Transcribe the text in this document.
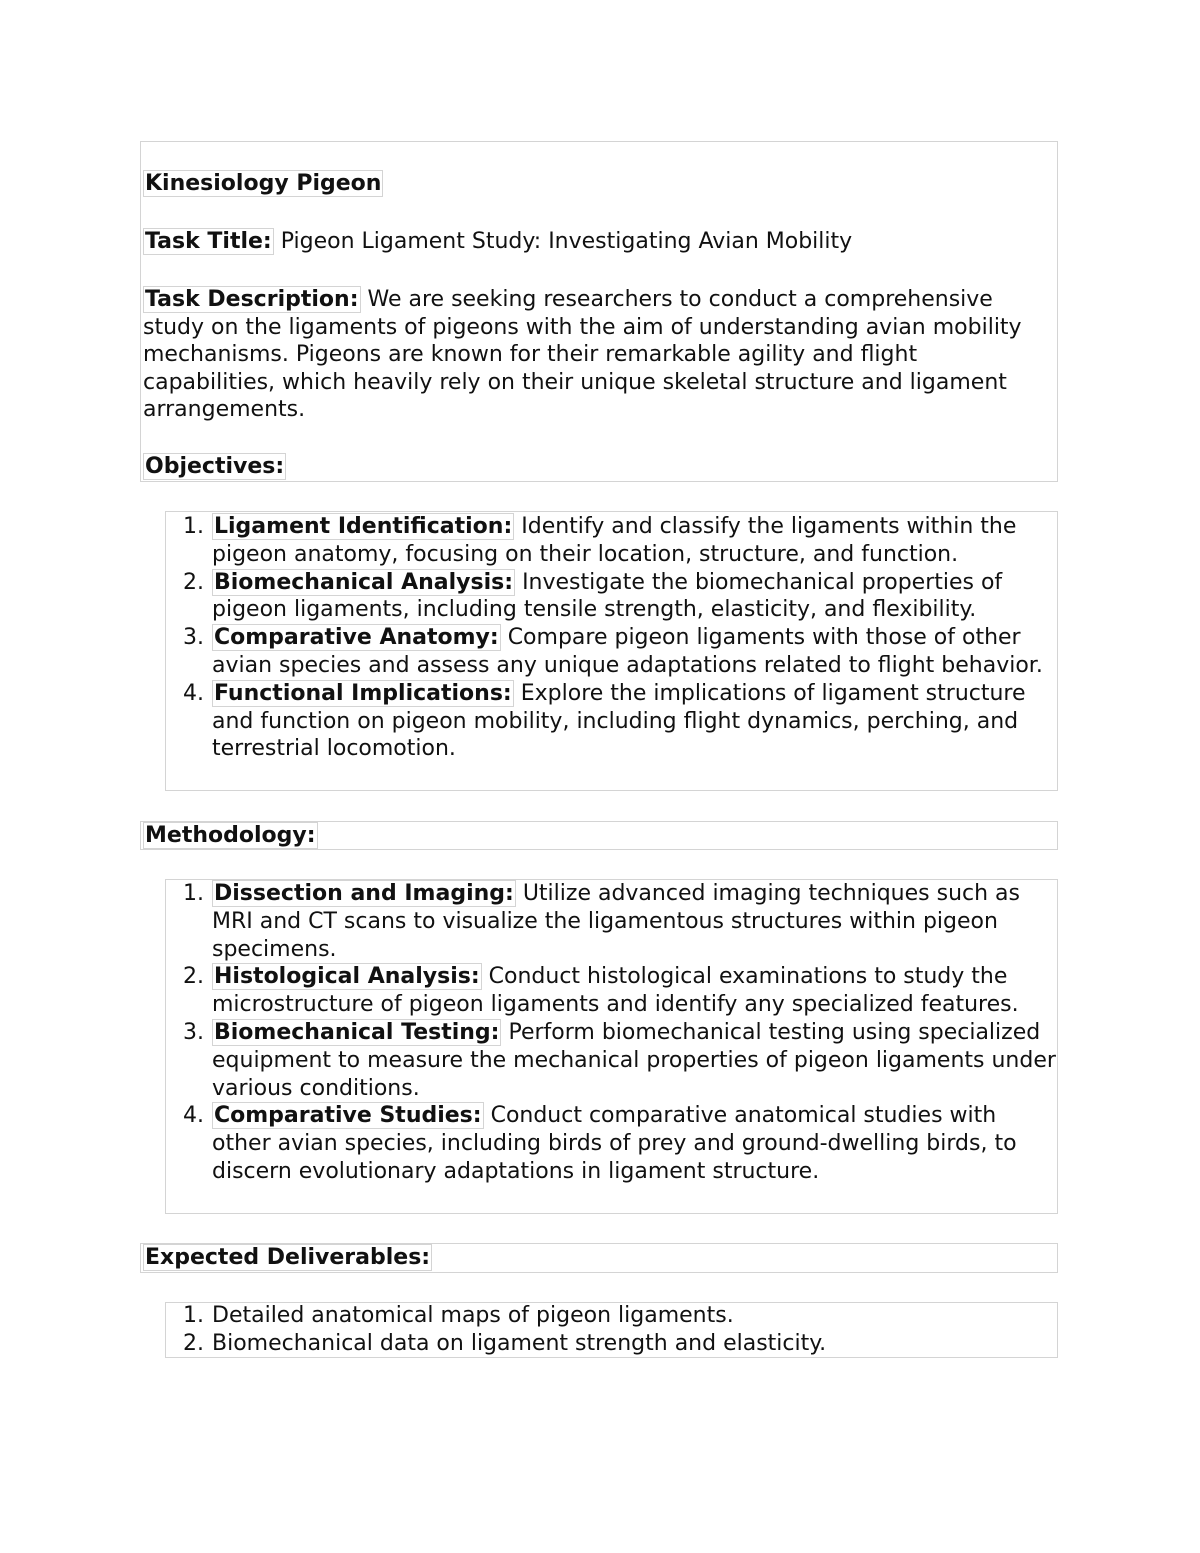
Kinesiology Pigeon

Task Title: Pigeon Ligament Study: Investigating Avian Mobility

Task Description: We are seeking researchers to conduct a comprehensive study on the ligaments of pigeons with the aim of understanding avian mobility mechanisms. Pigeons are known for their remarkable agility and flight capabilities, which heavily rely on their unique skeletal structure and ligament arrangements.

Objectives:

1. Ligament Identification: Identify and classify the ligaments within the pigeon anatomy, focusing on their location, structure, and function.
2. Biomechanical Analysis: Investigate the biomechanical properties of pigeon ligaments, including tensile strength, elasticity, and flexibility.
3. Comparative Anatomy: Compare pigeon ligaments with those of other avian species and assess any unique adaptations related to flight behavior.
4. Functional Implications: Explore the implications of ligament structure and function on pigeon mobility, including flight dynamics, perching, and terrestrial locomotion.

Methodology:

1. Dissection and Imaging: Utilize advanced imaging techniques such as MRI and CT scans to visualize the ligamentous structures within pigeon specimens.
2. Histological Analysis: Conduct histological examinations to study the microstructure of pigeon ligaments and identify any specialized features.
3. Biomechanical Testing: Perform biomechanical testing using specialized equipment to measure the mechanical properties of pigeon ligaments under various conditions.
4. Comparative Studies: Conduct comparative anatomical studies with other avian species, including birds of prey and ground-dwelling birds, to discern evolutionary adaptations in ligament structure.

Expected Deliverables:

1. Detailed anatomical maps of pigeon ligaments.
2. Biomechanical data on ligament strength and elasticity.
